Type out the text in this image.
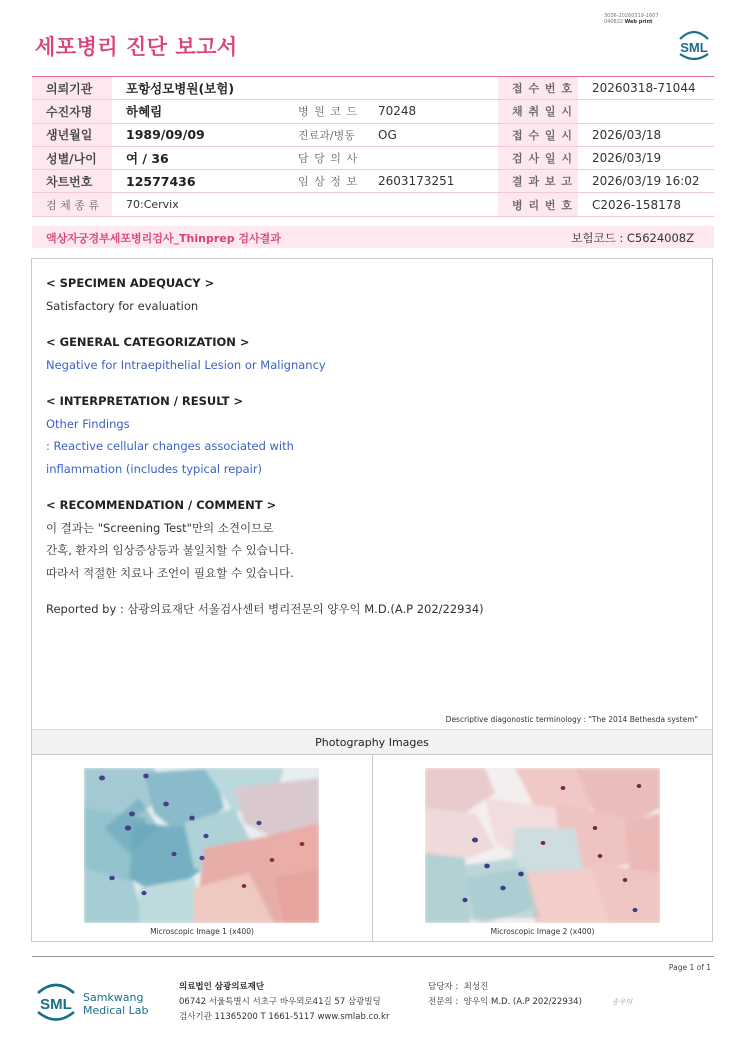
3036-20260319-1607
040822 Web print
세포병리 진단 보고서	SML
의뢰기관	포항성모병원(보험)			접 수 번 호	20260318-71044
수진자명	하혜림	병 원 코 드	70248	채 취 일 시	
생년월일	1989/09/09	진료과/병동	OG	접 수 일 시	2026/03/18
성별/나이	여 / 36	담 당 의 사		검 사 일 시	2026/03/19
차트번호	12577436	임 상 정 보	2603173251	결 과 보 고	2026/03/19 16:02
검 체 종 류	70:Cervix			병 리 번 호	C2026-158178
액상자궁경부세포병리검사_Thinprep 검사결과	보험코드 : C5624008Z
< SPECIMEN ADEQUACY >
Satisfactory for evaluation
< GENERAL CATEGORIZATION >
Negative for Intraepithelial Lesion or Malignancy
< INTERPRETATION / RESULT >
Other Findings
: Reactive cellular changes associated with
inflammation (includes typical repair)
< RECOMMENDATION / COMMENT >
이 결과는 "Screening Test"만의 소견이므로
간혹, 환자의 임상증상등과 불일치할 수 있습니다.
따라서 적절한 치료나 조언이 필요할 수 있습니다.
Reported by : 삼광의료재단 서울검사센터 병리전문의 양우익 M.D.(A.P 202/22934)
Descriptive diagonostic terminology : "The 2014 Bethesda system"
Photography Images
Microscopic Image 1 (x400)	Microscopic Image 2 (x400)
Page 1 of 1
SML Samkwang
Medical Lab
의료법인 삼광의료재단
06742 서울특별시 서초구 바우뫼로41길 57 삼광빌딩
검사기관 11365200 T 1661-5117 www.smlab.co.kr
담당자 : 최성진
전문의 : 양우익 M.D. (A.P 202/22934)	송우익
